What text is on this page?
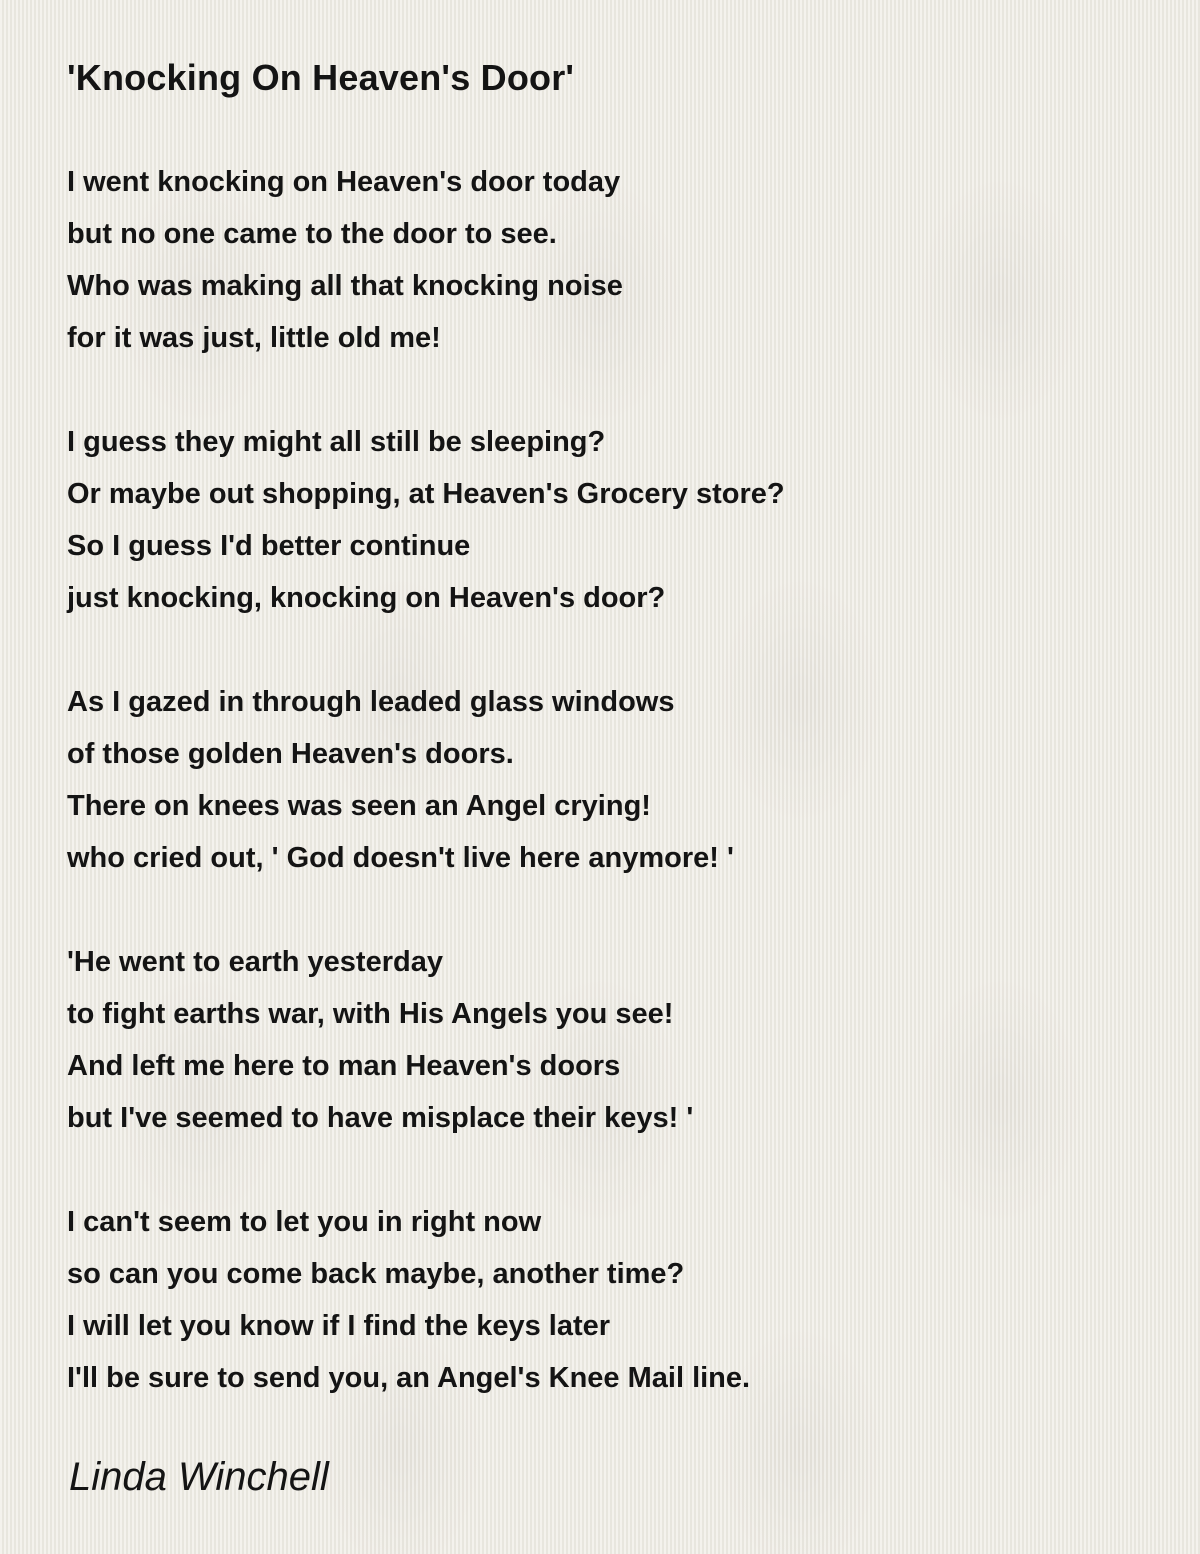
'Knocking On Heaven's Door'

I went knocking on Heaven's door today
but no one came to the door to see.
Who was making all that knocking noise
for it was just, little old me!

I guess they might all still be sleeping?
Or maybe out shopping, at Heaven's Grocery store?
So I guess I'd better continue
just knocking, knocking on Heaven's door?

As I gazed in through leaded glass windows
of those golden Heaven's doors.
There on knees was seen an Angel crying!
who cried out, ' God doesn't live here anymore! '

'He went to earth yesterday
to fight earths war, with His Angels you see!
And left me here to man Heaven's doors
but I've seemed to have misplace their keys! '

I can't seem to let you in right now
so can you come back maybe, another time?
I will let you know if I find the keys later
I'll be sure to send you, an Angel's Knee Mail line.

Linda Winchell
